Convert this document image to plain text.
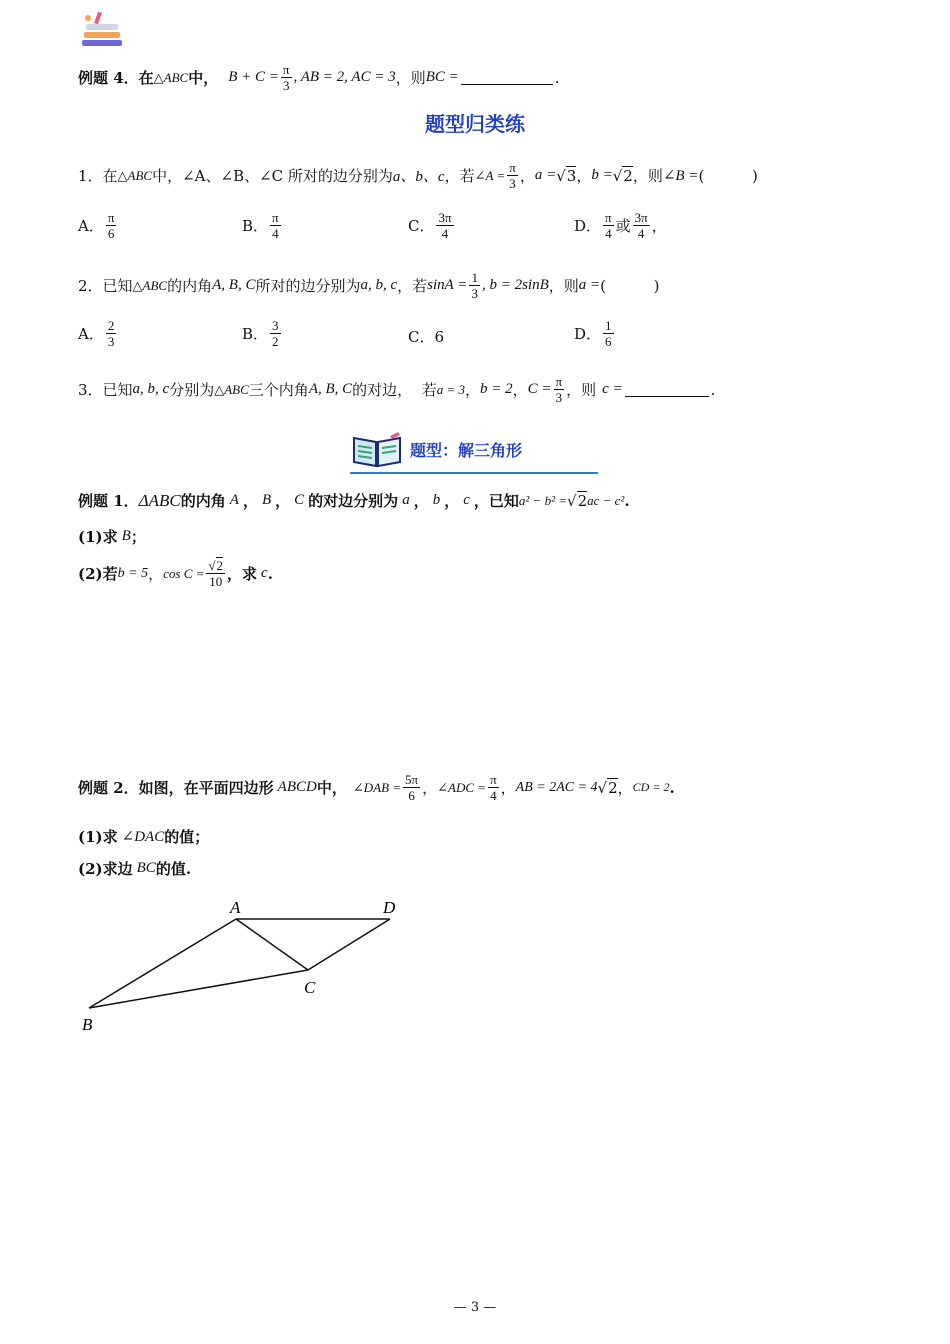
例题 4．在 △ABC 中， $B + C = \frac{\pi}{3}$ , AB = 2, AC = 3 ，则 BC =	.
题型归类练
1．在 △ABC 中，∠A、∠B、∠C 所对的边分别为 a、b、c ，若 ∠A = $\frac{\pi}{3}$ ， a = √3 ， b = √2 ，则 ∠B = (          )
A． $\frac{\pi}{6}$	B． $\frac{\pi}{4}$	C． $\frac{3\pi}{4}$	D． $\frac{\pi}{4}$ 或 $\frac{3\pi}{4}$ ，
2．已知 △ABC 的内角 A, B, C 所对的边分别为 a, b, c ，若 $\sin A = \frac{1}{3}$ , b = 2sinB ，则 a = (          )
A． $\frac{2}{3}$	B． $\frac{3}{2}$	C． 6	D． $\frac{1}{6}$
3．已知 a, b, c 分别为 △ABC 三个内角 A, B, C 的对边，  若 a = 3 ， b = 2 ， $C = \frac{\pi}{3}$ ，则 c =	.
题型：解三角形
例题 1． ΔABC 的内角 A ， B ， C 的对边分别为 a ， b ， c ，已知 a² − b² = √2 ac − c² .
(1)求 B ；
(2)若 b = 5 ， $\cos C = \frac{√2}{10}$ ，求 c .
例题 2．如图，在平面四边形 ABCD 中， ∠DAB = $\frac{5\pi}{6}$ ， ∠ADC = $\frac{\pi}{4}$ ， AB = 2AC = 4 √2 ， CD = 2 .
(1)求 ∠DAC 的值；
(2)求边 BC 的值.
A	D
C
B
— 3 —
